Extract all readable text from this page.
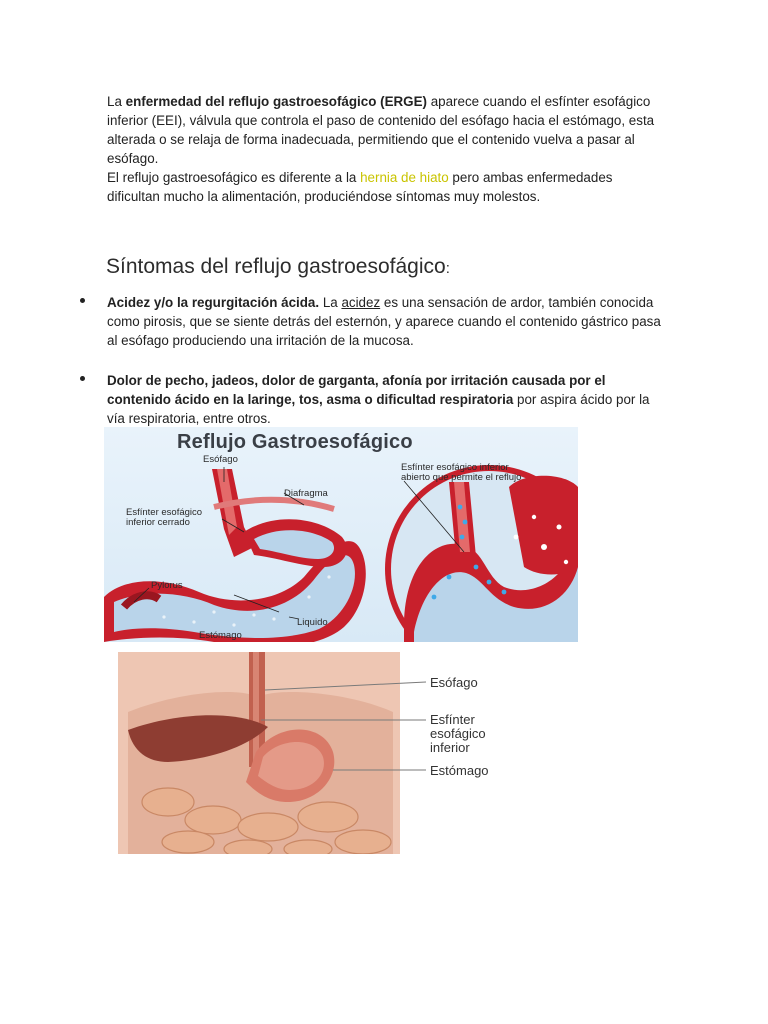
La enfermedad del reflujo gastroesofágico (ERGE) aparece cuando el esfínter esofágico inferior (EEI), válvula que controla el paso de contenido del esófago hacia el estómago, esta alterada o se relaja de forma inadecuada, permitiendo que el contenido vuelva a pasar al esófago.
El reflujo gastroesofágico es diferente a la hernia de hiato pero ambas enfermedades dificultan mucho la alimentación, produciéndose síntomas muy molestos.
Síntomas del reflujo gastroesofágico:
Acidez y/o la regurgitación ácida. La acidez es una sensación de ardor, también conocida como pirosis, que se siente detrás del esternón, y aparece cuando el contenido gástrico pasa al esófago produciendo una irritación de la mucosa.
Dolor de pecho, jadeos, dolor de garganta, afonía por irritación causada por el contenido ácido en la laringe, tos, asma o dificultad respiratoria por aspira ácido por la vía respiratoria, entre otros.
Reflujo Gastroesofágico
Esófago
Diafragma
Esfínter esofágico
inferior cerrado
Pylorus
Estómago
Liquido
Esfínter esofágico inferior
abierto que permite el reflujo
Esófago
Esfínter
esofágico
inferior
Estómago
